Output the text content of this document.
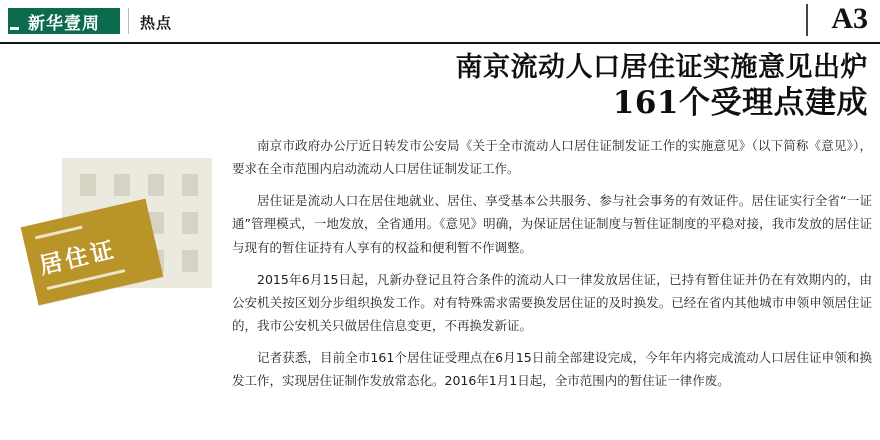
新华壹周	热点	A3
南京流动人口居住证实施意见出炉
161个受理点建成
居住证

南京市政府办公厅近日转发市公安局《关于全市流动人口居住证制发证工作的实施意见》（以下简称《意见》），要求在全市范围内启动流动人口居住证制发证工作。

居住证是流动人口在居住地就业、居住、享受基本公共服务、参与社会事务的有效证件。居住证实行全省“一证通”管理模式，一地发放，全省通用。《意见》明确，为保证居住证制度与暂住证制度的平稳对接，我市发放的居住证与现有的暂住证持有人享有的权益和便利暂不作调整。

2015年6月15日起，凡新办登记且符合条件的流动人口一律发放居住证，已持有暂住证并仍在有效期内的，由公安机关按区划分步组织换发工作。对有特殊需求需要换发居住证的及时换发。已经在省内其他城市申领申领居住证的，我市公安机关只做居住信息变更，不再换发新证。

记者获悉，目前全市161个居住证受理点在6月15日前全部建设完成，今年年内将完成流动人口居住证申领和换发工作，实现居住证制作发放常态化。2016年1月1日起，全市范围内的暂住证一律作废。
